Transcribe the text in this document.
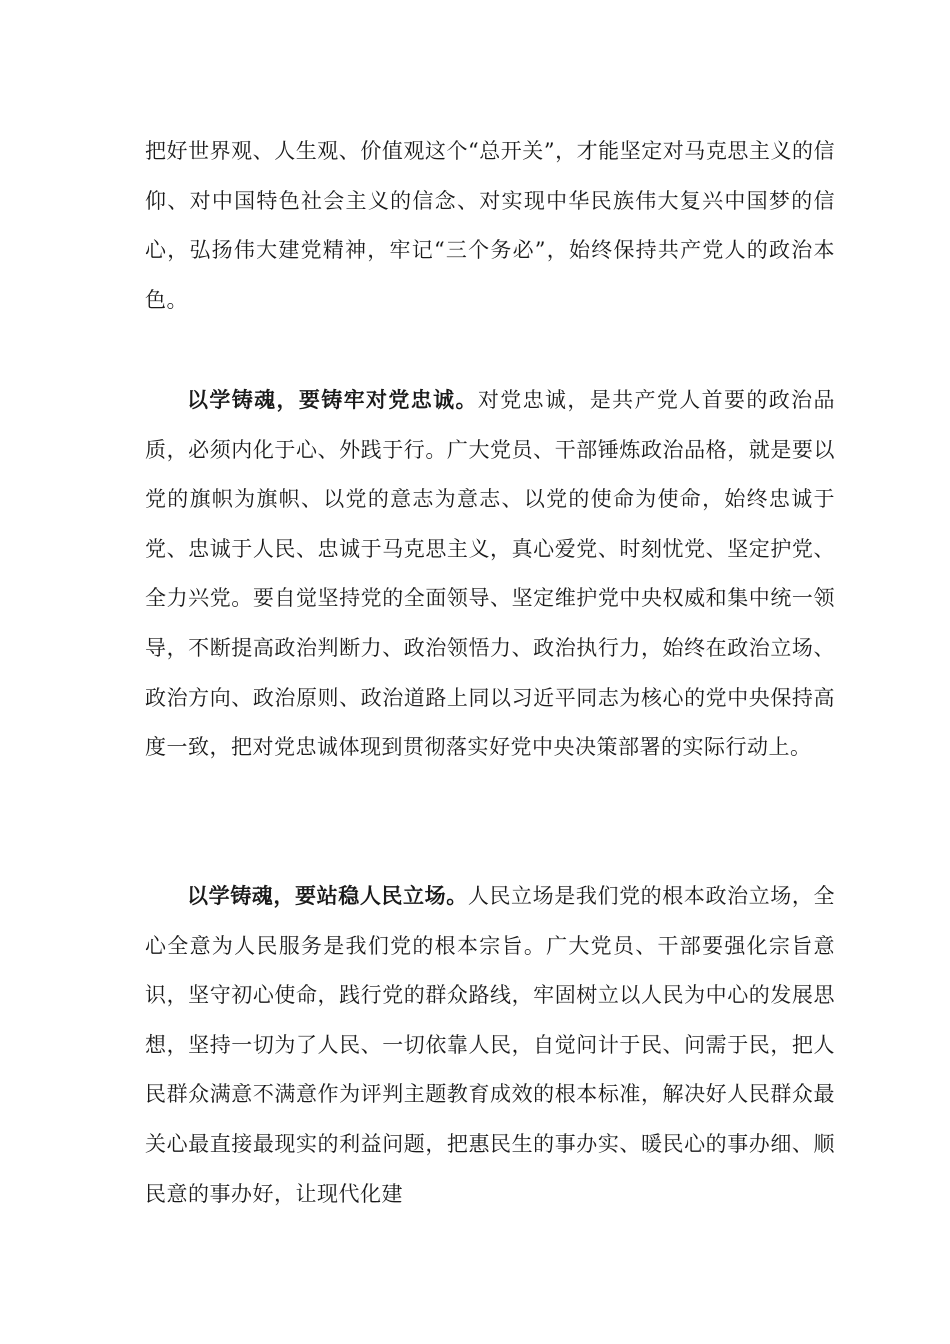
把好世界观、人生观、价值观这个“总开关”，才能坚定对马克思主义的信仰、对中国特色社会主义的信念、对实现中华民族伟大复兴中国梦的信心，弘扬伟大建党精神，牢记“三个务必”，始终保持共产党人的政治本色。

以学铸魂，要铸牢对党忠诚。对党忠诚，是共产党人首要的政治品质，必须内化于心、外践于行。广大党员、干部锤炼政治品格，就是要以党的旗帜为旗帜、以党的意志为意志、以党的使命为使命，始终忠诚于党、忠诚于人民、忠诚于马克思主义，真心爱党、时刻忧党、坚定护党、全力兴党。要自觉坚持党的全面领导、坚定维护党中央权威和集中统一领导，不断提高政治判断力、政治领悟力、政治执行力，始终在政治立场、政治方向、政治原则、政治道路上同以习近平同志为核心的党中央保持高度一致，把对党忠诚体现到贯彻落实好党中央决策部署的实际行动上。

以学铸魂，要站稳人民立场。人民立场是我们党的根本政治立场，全心全意为人民服务是我们党的根本宗旨。广大党员、干部要强化宗旨意识，坚守初心使命，践行党的群众路线，牢固树立以人民为中心的发展思想，坚持一切为了人民、一切依靠人民，自觉问计于民、问需于民，把人民群众满意不满意作为评判主题教育成效的根本标准，解决好人民群众最关心最直接最现实的利益问题，把惠民生的事办实、暖民心的事办细、顺民意的事办好，让现代化建
